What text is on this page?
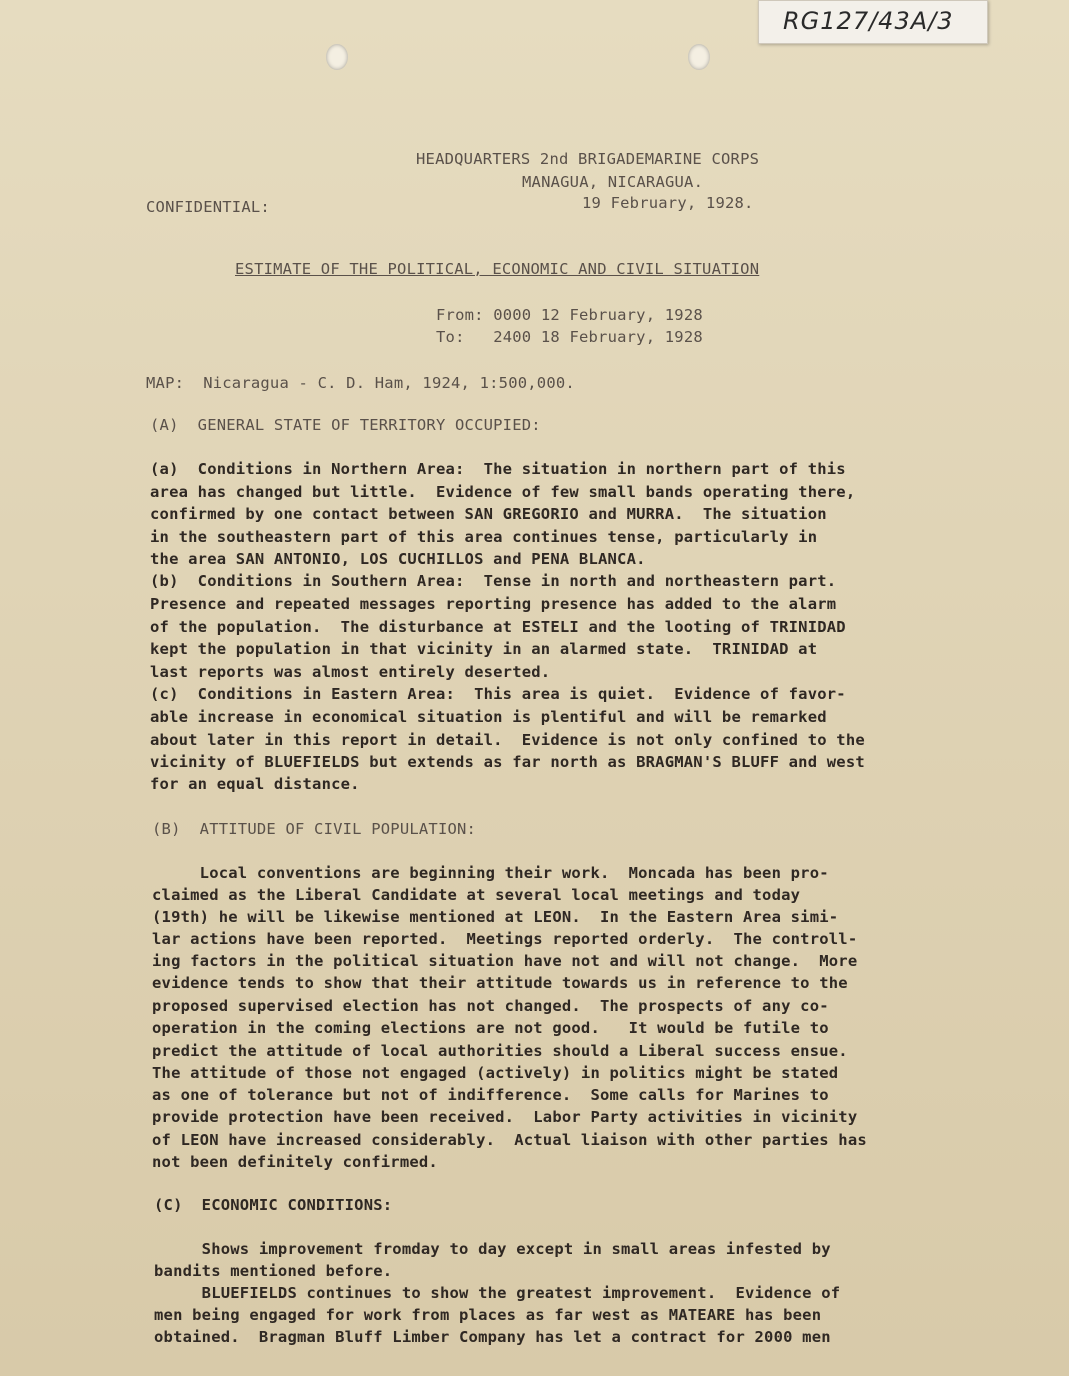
RG127/43A/3
HEADQUARTERS 2nd BRIGADEMARINE CORPS
MANAGUA, NICARAGUA.
CONFIDENTIAL:	19 February, 1928.
ESTIMATE OF THE POLITICAL, ECONOMIC AND CIVIL SITUATION
From: 0000 12 February, 1928
To:   2400 18 February, 1928
MAP:  Nicaragua - C. D. Ham, 1924, 1:500,000.
(A)  GENERAL STATE OF TERRITORY OCCUPIED:
(a)  Conditions in Northern Area:  The situation in northern part of this
area has changed but little.  Evidence of few small bands operating there,
confirmed by one contact between SAN GREGORIO and MURRA.  The situation
in the southeastern part of this area continues tense, particularly in
the area SAN ANTONIO, LOS CUCHILLOS and PENA BLANCA.
(b)  Conditions in Southern Area:  Tense in north and northeastern part.
Presence and repeated messages reporting presence has added to the alarm
of the population.  The disturbance at ESTELI and the looting of TRINIDAD
kept the population in that vicinity in an alarmed state.  TRINIDAD at
last reports was almost entirely deserted.
(c)  Conditions in Eastern Area:  This area is quiet.  Evidence of favor-
able increase in economical situation is plentiful and will be remarked
about later in this report in detail.  Evidence is not only confined to the
vicinity of BLUEFIELDS but extends as far north as BRAGMAN'S BLUFF and west
for an equal distance.
(B)  ATTITUDE OF CIVIL POPULATION:
Local conventions are beginning their work.  Moncada has been pro-
claimed as the Liberal Candidate at several local meetings and today
(19th) he will be likewise mentioned at LEON.  In the Eastern Area simi-
lar actions have been reported.  Meetings reported orderly.  The controll-
ing factors in the political situation have not and will not change.  More
evidence tends to show that their attitude towards us in reference to the
proposed supervised election has not changed.  The prospects of any co-
operation in the coming elections are not good.   It would be futile to
predict the attitude of local authorities should a Liberal success ensue.
The attitude of those not engaged (actively) in politics might be stated
as one of tolerance but not of indifference.  Some calls for Marines to
provide protection have been received.  Labor Party activities in vicinity
of LEON have increased considerably.  Actual liaison with other parties has
not been definitely confirmed.
(C)  ECONOMIC CONDITIONS:
Shows improvement fromday to day except in small areas infested by
bandits mentioned before.
BLUEFIELDS continues to show the greatest improvement.  Evidence of
men being engaged for work from places as far west as MATEARE has been
obtained.  Bragman Bluff Limber Company has let a contract for 2000 men
